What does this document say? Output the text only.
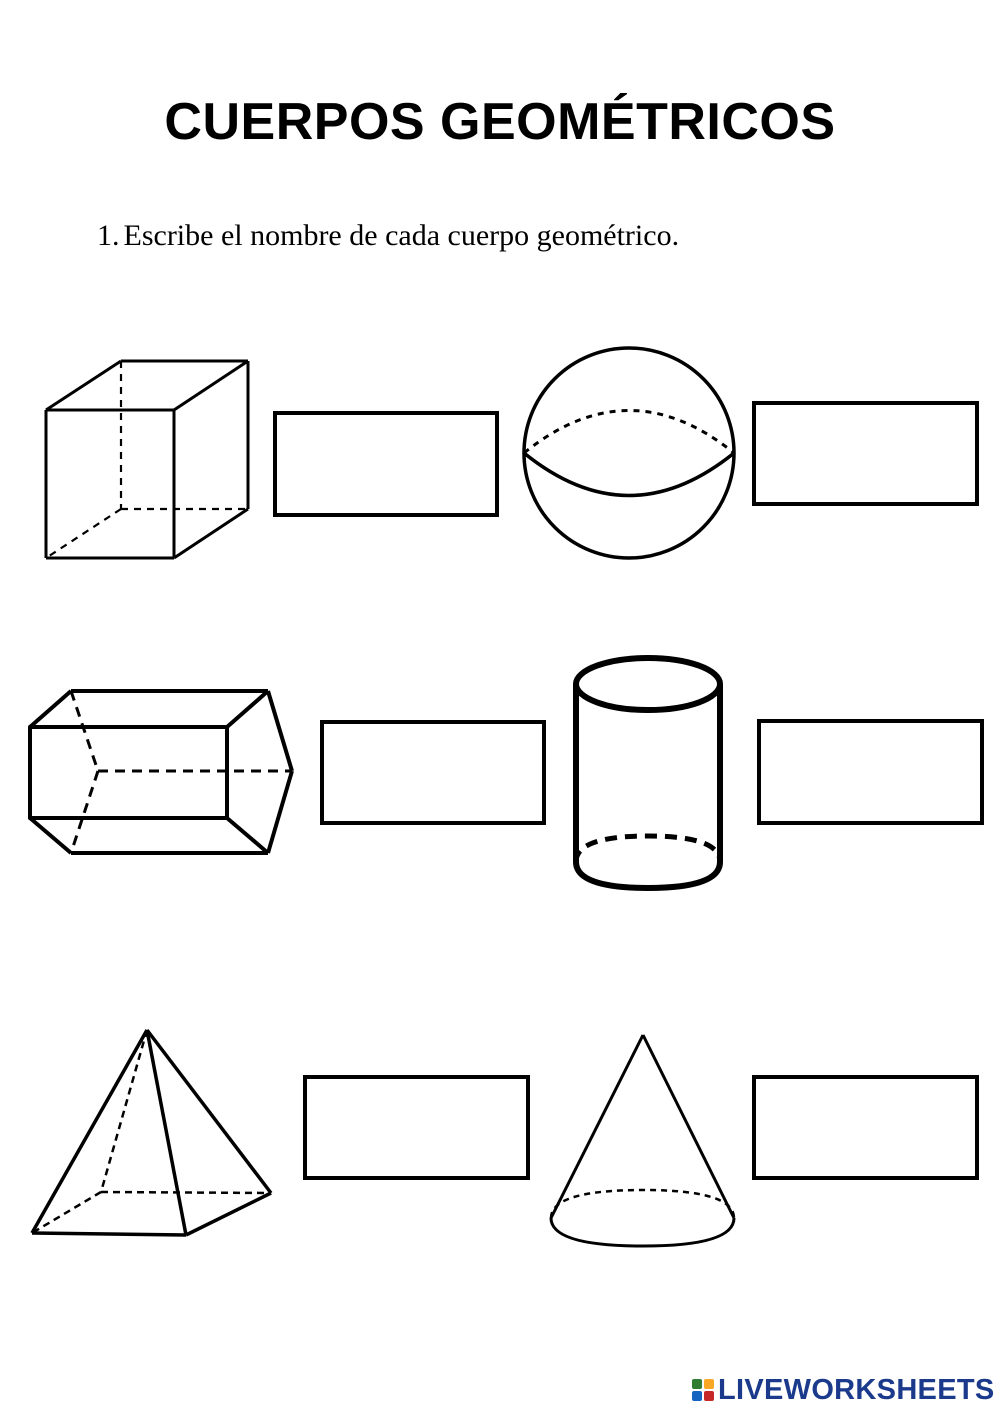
CUERPOS GEOMÉTRICOS
1. Escribe el nombre de cada cuerpo geométrico.
LIVEWORKSHEETS
